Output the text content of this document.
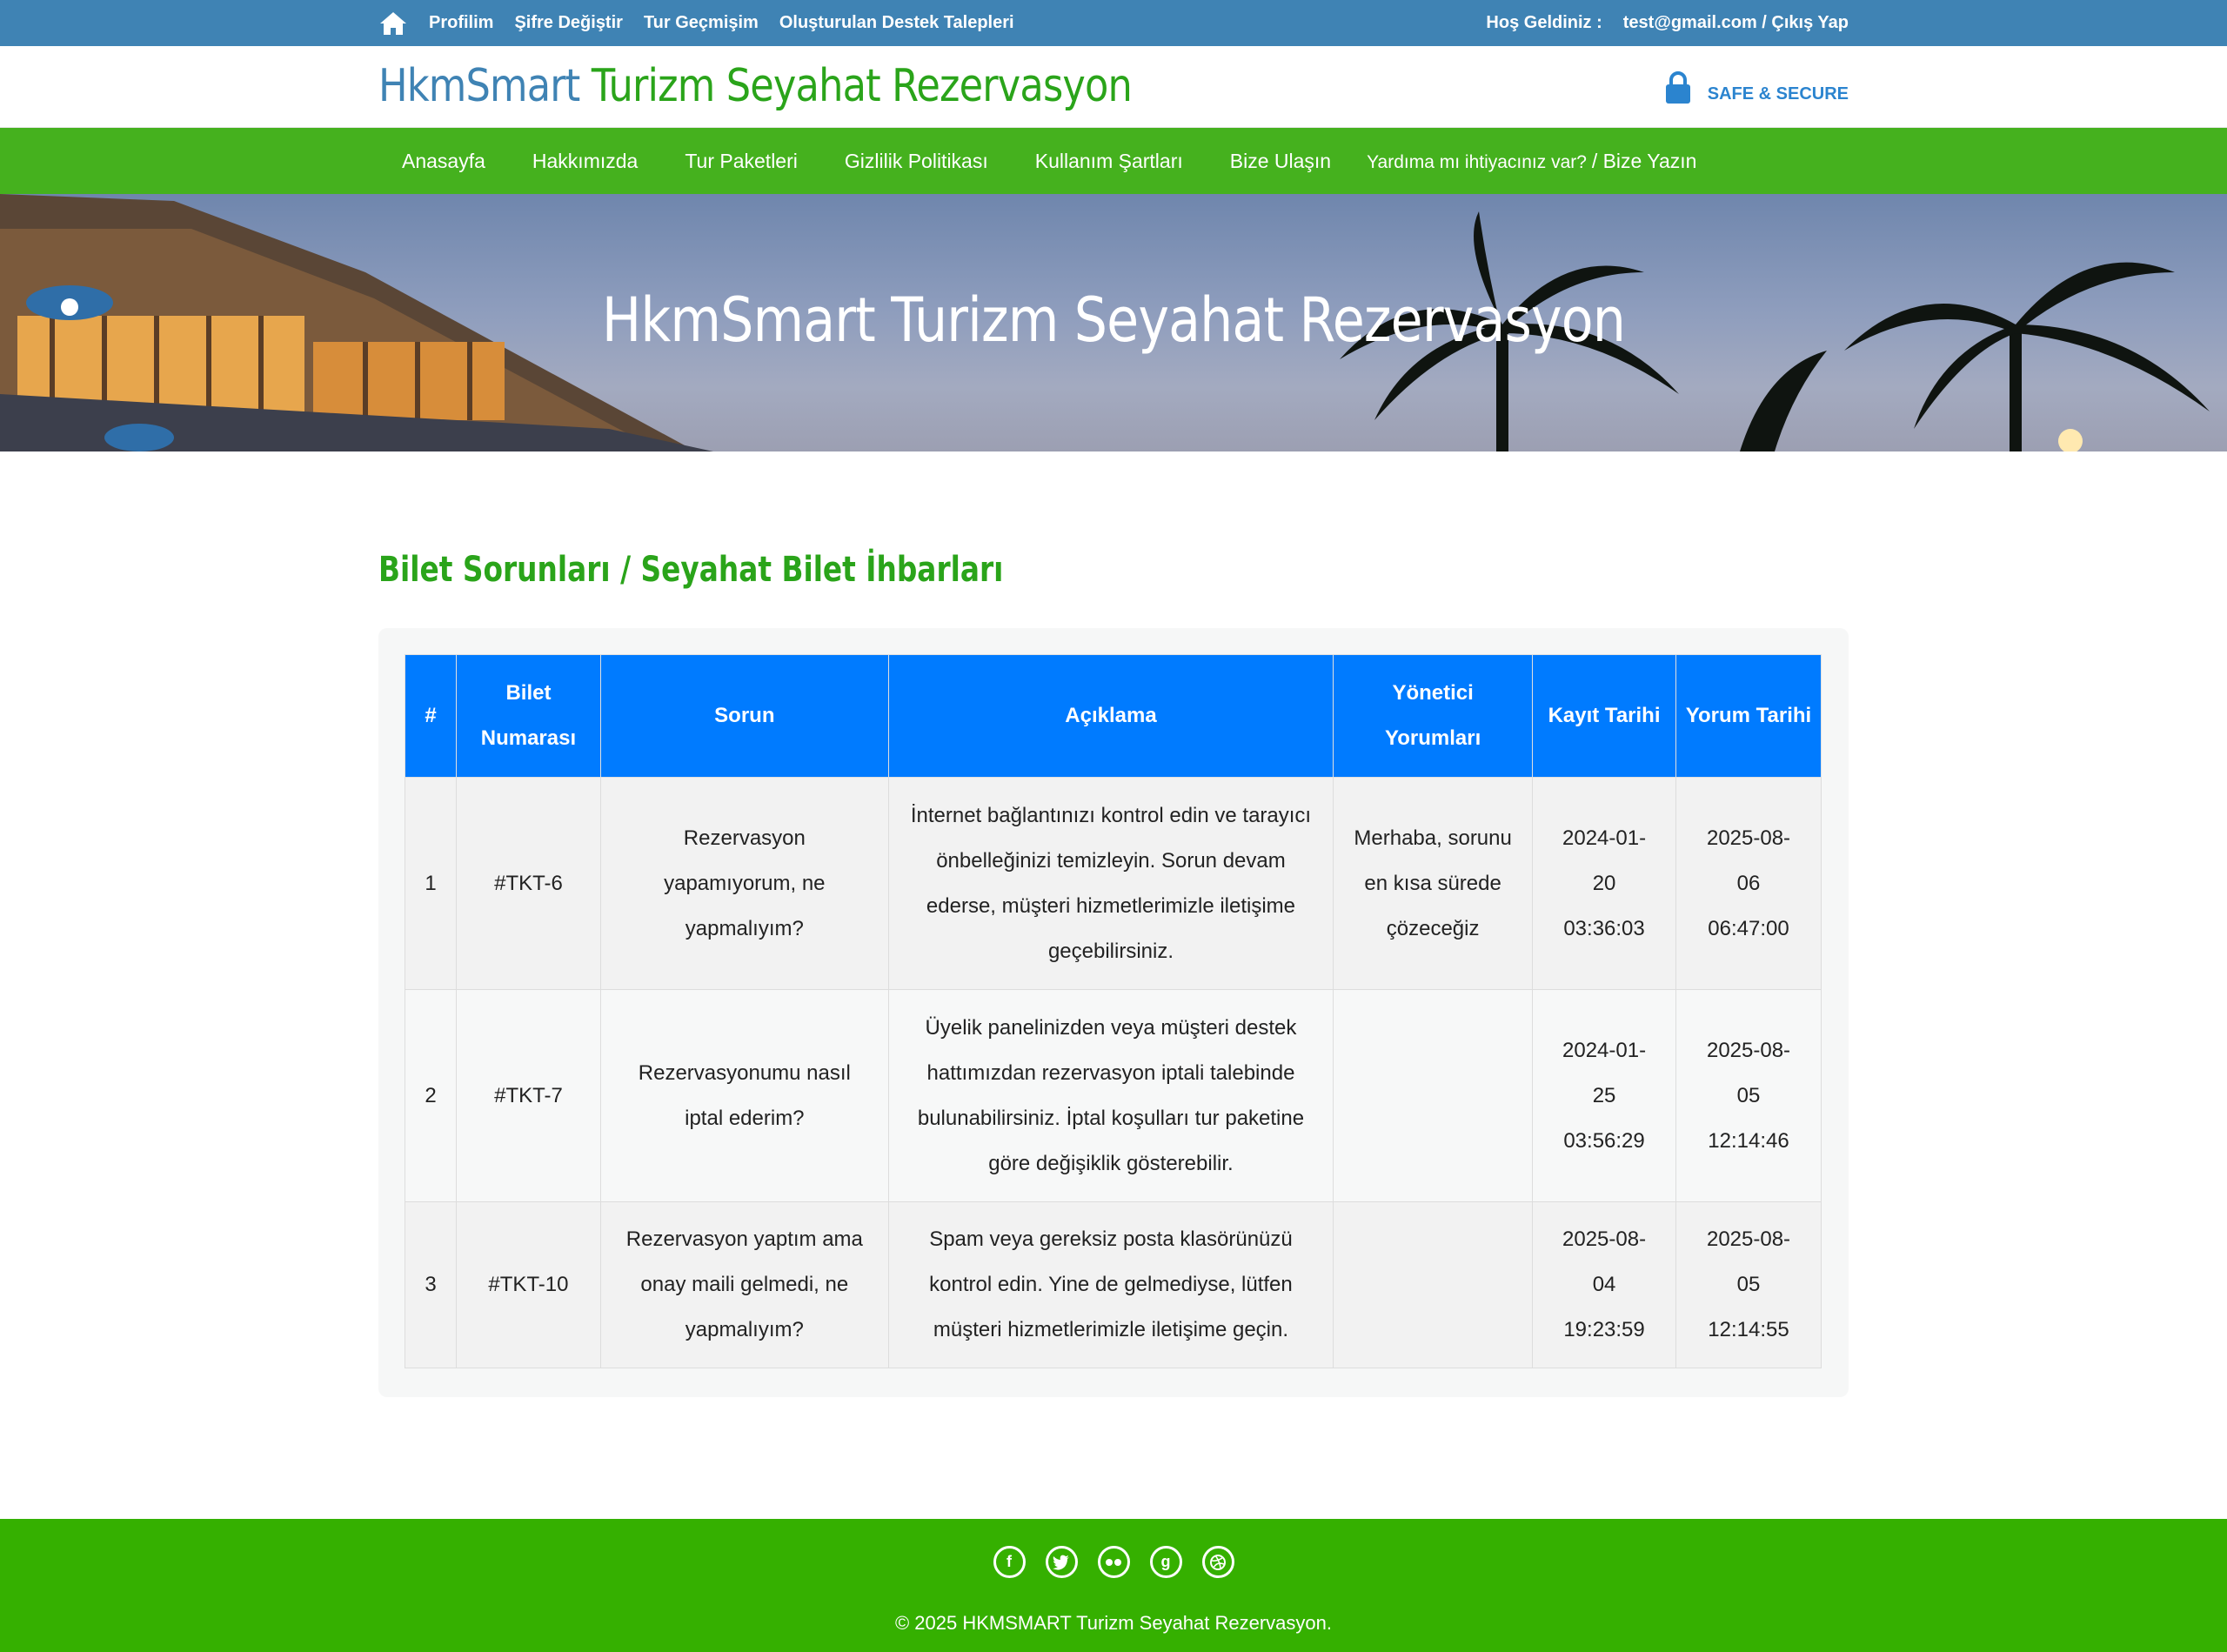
Profilim Şifre Değiştir Tur Geçmişim Oluşturulan Destek Talepleri	Hoş Geldiniz : test@gmail.com / Çıkış Yap
HkmSmart Turizm Seyahat Rezervasyon	SAFE & SECURE
Anasayfa	Hakkımızda	Tur Paketleri	Gizlilik Politikası	Kullanım Şartları	Bize Ulaşın	Yardıma mı ihtiyacınız var? / Bize Yazın
HkmSmart Turizm Seyahat Rezervasyon
Bilet Sorunları / Seyahat Bilet İhbarları
#	Bilet Numarası	Sorun	Açıklama	Yönetici Yorumları	Kayıt Tarihi	Yorum Tarihi
1	#TKT-6	Rezervasyon yapamıyorum, ne yapmalıyım?	İnternet bağlantınızı kontrol edin ve tarayıcı önbelleğinizi temizleyin. Sorun devam ederse, müşteri hizmetlerimizle iletişime geçebilirsiniz.	Merhaba, sorunu en kısa sürede çözeceğiz	2024-01-20 03:36:03	2025-08-06 06:47:00
2	#TKT-7	Rezervasyonumu nasıl iptal ederim?	Üyelik panelinizden veya müşteri destek hattımızdan rezervasyon iptali talebinde bulunabilirsiniz. İptal koşulları tur paketine göre değişiklik gösterebilir.		2024-01-25 03:56:29	2025-08-05 12:14:46
3	#TKT-10	Rezervasyon yaptım ama onay maili gelmedi, ne yapmalıyım?	Spam veya gereksiz posta klasörünüzü kontrol edin. Yine de gelmediyse, lütfen müşteri hizmetlerimizle iletişime geçin.		2025-08-04 19:23:59	2025-08-05 12:14:55
f	g
© 2025 HKMSMART Turizm Seyahat Rezervasyon.
